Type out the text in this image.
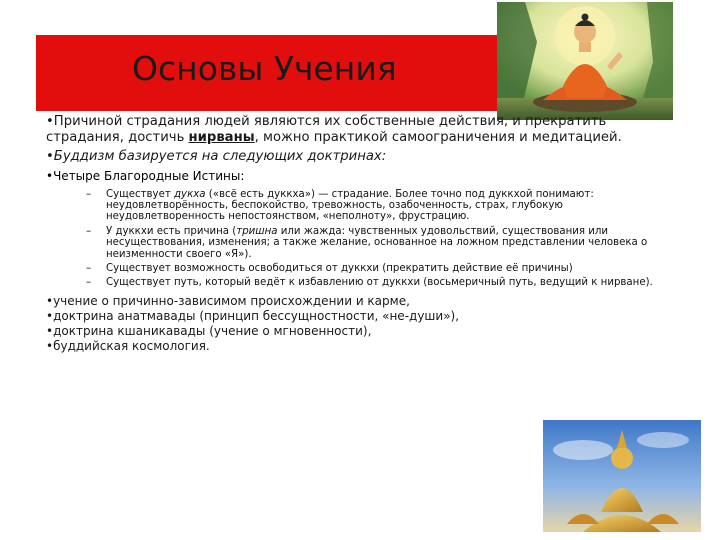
Основы Учения

•Причиной страдания людей являются их собственные действия, и прекратить страдания, достичь нирваны, можно практикой самоограничения и медитацией.

•Буддизм базируется на следующих доктринах:

•Четыре Благородные Истины:

– Существует дукха («всё есть дуккха») — страдание. Более точно под дуккхой понимают: неудовлетворённость, беспокойство, тревожность, озабоченность, страх, глубокую неудовлетворенность непостоянством, «неполноту», фрустрацию.
– У дуккхи есть причина (тришна или жажда: чувственных удовольствий, существования или несуществования, изменения; а также желание, основанное на ложном представлении человека о неизменности своего «Я»).
– Существует возможность освободиться от дуккхи (прекратить действие её причины)
– Существует путь, который ведёт к избавлению от дуккхи (восьмеричный путь, ведущий к нирване).

•учение о причинно-зависимом происхождении и карме,

•доктрина анатмавады (принцип бессущностности, «не-души»),

•доктрина кшаникавады (учение о мгновенности),

•буддийская космология.
